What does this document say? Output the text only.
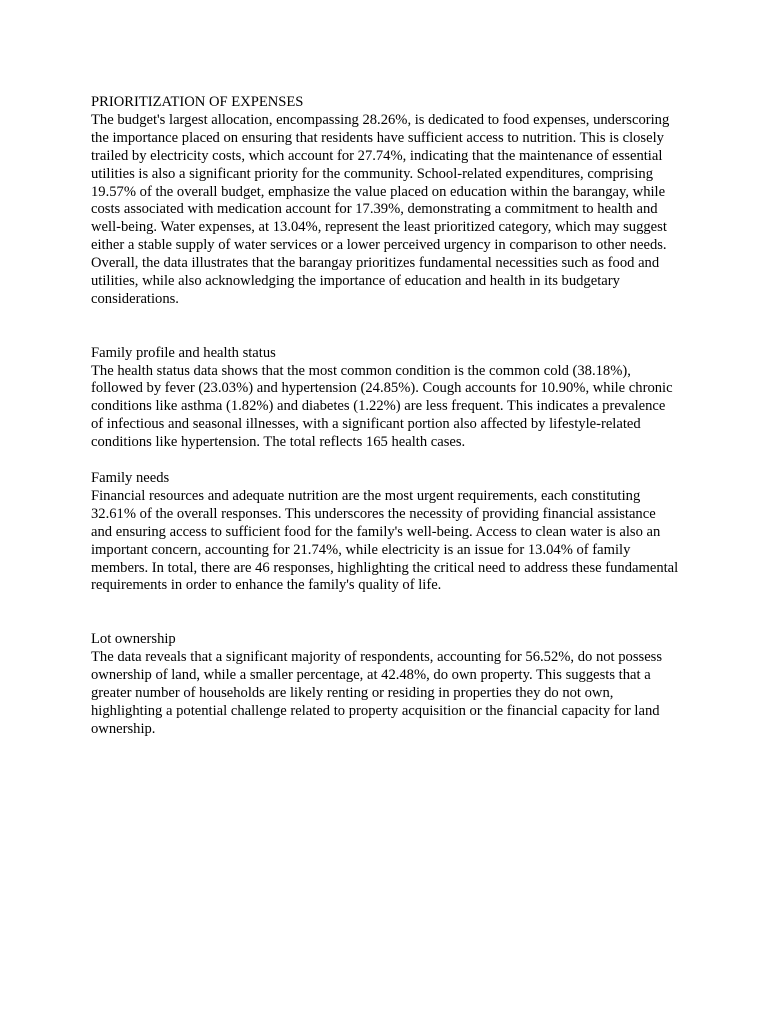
PRIORITIZATION OF EXPENSES
The budget's largest allocation, encompassing 28.26%, is dedicated to food expenses, underscoring the importance placed on ensuring that residents have sufficient access to nutrition. This is closely trailed by electricity costs, which account for 27.74%, indicating that the maintenance of essential utilities is also a significant priority for the community. School-related expenditures, comprising 19.57% of the overall budget, emphasize the value placed on education within the barangay, while costs associated with medication account for 17.39%, demonstrating a commitment to health and well-being. Water expenses, at 13.04%, represent the least prioritized category, which may suggest either a stable supply of water services or a lower perceived urgency in comparison to other needs. Overall, the data illustrates that the barangay prioritizes fundamental necessities such as food and utilities, while also acknowledging the importance of education and health in its budgetary considerations.
Family profile and health status
The health status data shows that the most common condition is the common cold (38.18%), followed by fever (23.03%) and hypertension (24.85%). Cough accounts for 10.90%, while chronic conditions like asthma (1.82%) and diabetes (1.22%) are less frequent. This indicates a prevalence of infectious and seasonal illnesses, with a significant portion also affected by lifestyle-related conditions like hypertension. The total reflects 165 health cases.
Family needs
Financial resources and adequate nutrition are the most urgent requirements, each constituting 32.61% of the overall responses. This underscores the necessity of providing financial assistance and ensuring access to sufficient food for the family's well-being. Access to clean water is also an important concern, accounting for 21.74%, while electricity is an issue for 13.04% of family members. In total, there are 46 responses, highlighting the critical need to address these fundamental requirements in order to enhance the family's quality of life.
Lot ownership
The data reveals that a significant majority of respondents, accounting for 56.52%, do not possess ownership of land, while a smaller percentage, at 42.48%, do own property. This suggests that a greater number of households are likely renting or residing in properties they do not own, highlighting a potential challenge related to property acquisition or the financial capacity for land ownership.
